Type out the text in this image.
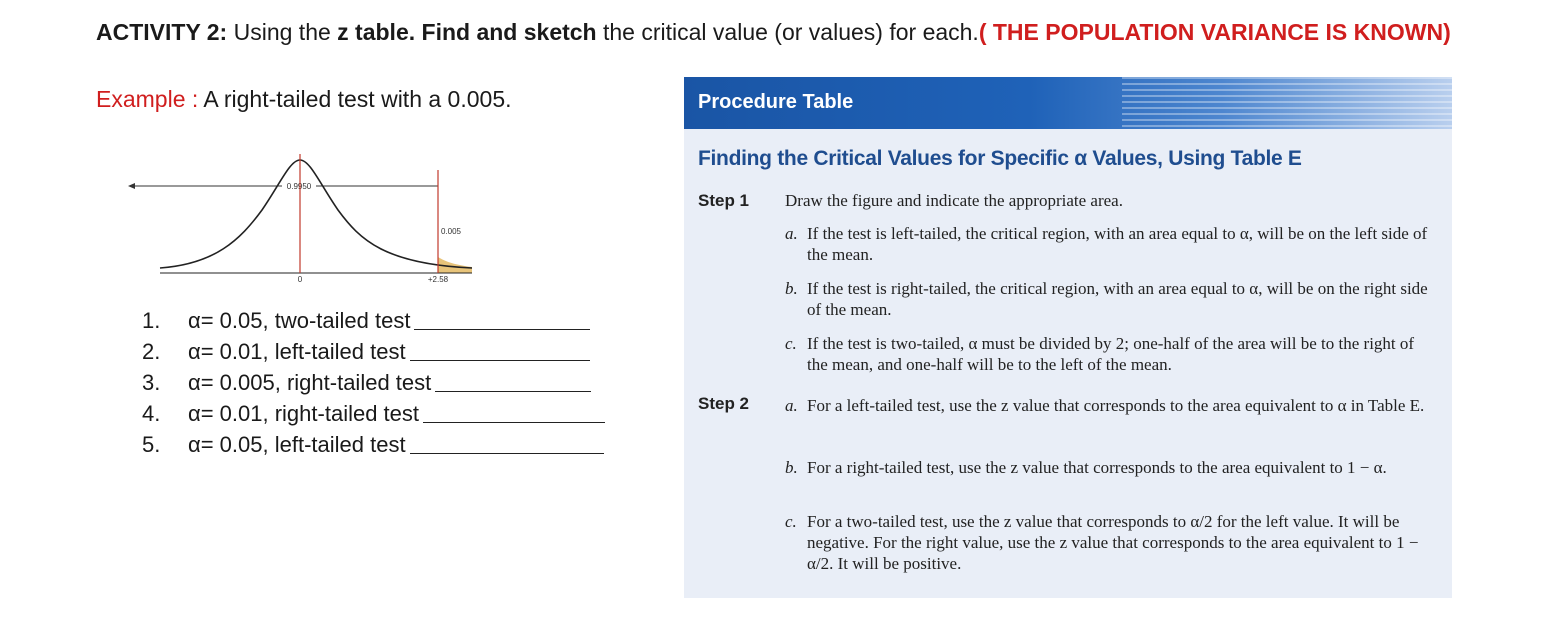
ACTIVITY 2: Using the z table. Find and sketch the critical value (or values) for each.( THE POPULATION VARIANCE IS KNOWN)
Example : A right-tailed test with a 0.005.
0.9950
0.005
0	+2.58
1.	α= 0.05, two-tailed test
2.	α= 0.01, left-tailed test
3.	α= 0.005, right-tailed test
4.	α= 0.01, right-tailed test
5.	α= 0.05, left-tailed test
Procedure Table
Finding the Critical Values for Specific α Values, Using Table E
Step 1 Draw the figure and indicate the appropriate area.
a. If the test is left-tailed, the critical region, with an area equal to α, will be on the left side of the mean.
b. If the test is right-tailed, the critical region, with an area equal to α, will be on the right side of the mean.
c. If the test is two-tailed, α must be divided by 2; one-half of the area will be to the right of the mean, and one-half will be to the left of the mean.
Step 2 a. For a left-tailed test, use the z value that corresponds to the area equivalent to α in Table E.
b. For a right-tailed test, use the z value that corresponds to the area equivalent to 1 − α.
c. For a two-tailed test, use the z value that corresponds to α/2 for the left value. It will be negative. For the right value, use the z value that corresponds to the area equivalent to 1 − α/2. It will be positive.
